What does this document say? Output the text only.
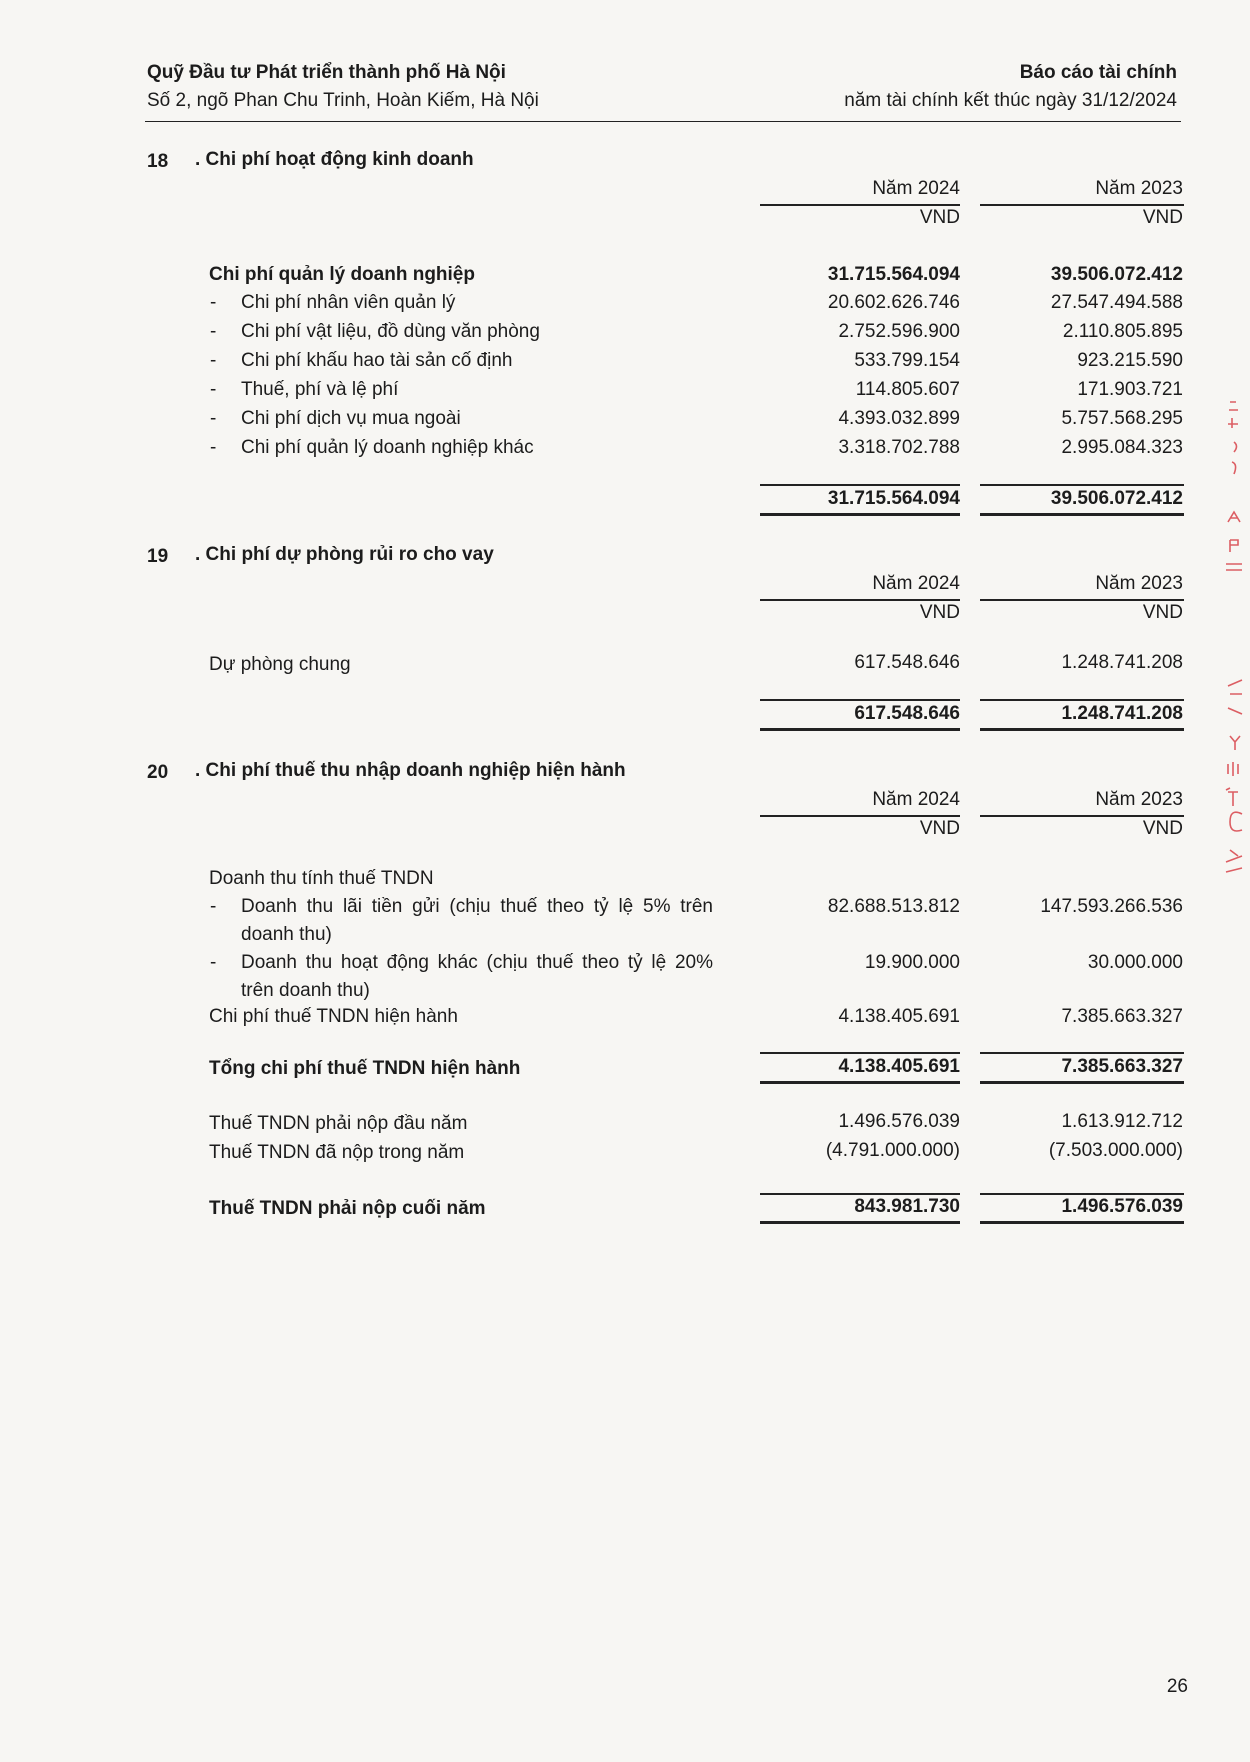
Quỹ Đầu tư Phát triển thành phố Hà Nội
Số 2, ngõ Phan Chu Trinh, Hoàn Kiếm, Hà Nội
Báo cáo tài chính
năm tài chính kết thúc ngày 31/12/2024
18 . Chi phí hoạt động kinh doanh
Năm 2024	Năm 2023
VND	VND
Chi phí quản lý doanh nghiệp	31.715.564.094	39.506.072.412
- Chi phí nhân viên quản lý	20.602.626.746	27.547.494.588
- Chi phí vật liệu, đồ dùng văn phòng	2.752.596.900	2.110.805.895
- Chi phí khấu hao tài sản cố định	533.799.154	923.215.590
- Thuế, phí và lệ phí	114.805.607	171.903.721
- Chi phí dịch vụ mua ngoài	4.393.032.899	5.757.568.295
- Chi phí quản lý doanh nghiệp khác	3.318.702.788	2.995.084.323
31.715.564.094	39.506.072.412
19 . Chi phí dự phòng rủi ro cho vay
Năm 2024	Năm 2023
VND	VND
Dự phòng chung	617.548.646	1.248.741.208
617.548.646	1.248.741.208
20 . Chi phí thuế thu nhập doanh nghiệp hiện hành
Năm 2024	Năm 2023
VND	VND
Doanh thu tính thuế TNDN
- Doanh thu lãi tiền gửi (chịu thuế theo tỷ lệ 5% trên doanh thu)
82.688.513.812	147.593.266.536
- Doanh thu hoạt động khác (chịu thuế theo tỷ lệ 20% trên doanh thu)
19.900.000	30.000.000
Chi phí thuế TNDN hiện hành	4.138.405.691	7.385.663.327
Tổng chi phí thuế TNDN hiện hành	4.138.405.691	7.385.663.327
Thuế TNDN phải nộp đầu năm	1.496.576.039	1.613.912.712
Thuế TNDN đã nộp trong năm	(4.791.000.000)	(7.503.000.000)
Thuế TNDN phải nộp cuối năm	843.981.730	1.496.576.039
26
